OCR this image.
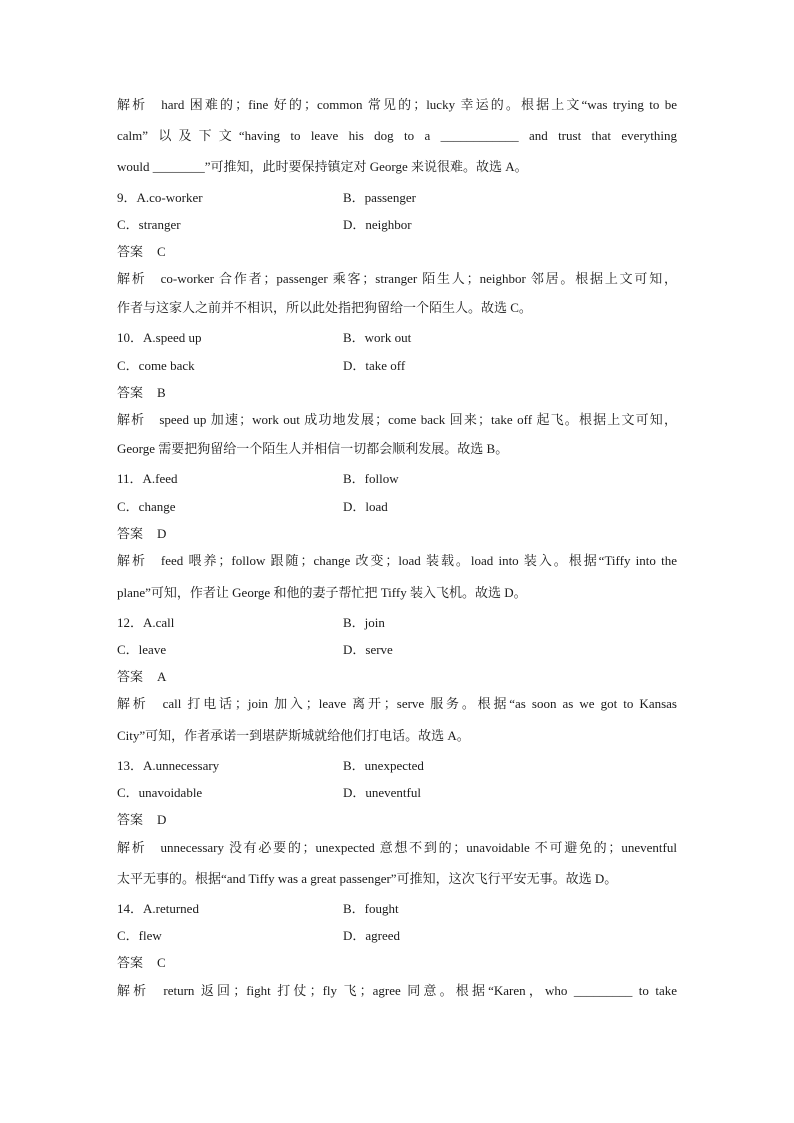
解析 hard 困难的；fine 好的；common 常见的；lucky 幸运的。根据上文“was trying to be
calm” 以及下文“having to leave his dog to a ____________ and trust that everything
would ________”可推知，此时要保持镇定对 George 来说很难。故选 A。
9．A.co-worker	B．passenger
C．stranger	D．neighbor
答案 C
解析 co-worker 合作者；passenger 乘客；stranger 陌生人；neighbor 邻居。根据上文可知，
作者与这家人之前并不相识，所以此处指把狗留给一个陌生人。故选 C。
10．A.speed up	B．work out
C．come back	D．take off
答案 B
解析 speed up 加速；work out 成功地发展；come back 回来；take off 起飞。根据上文可知，
George 需要把狗留给一个陌生人并相信一切都会顺利发展。故选 B。
11．A.feed	B．follow
C．change	D．load
答案 D
解析 feed 喂养；follow 跟随；change 改变；load 装载。load into 装入。根据“Tiffy into the
plane”可知，作者让 George 和他的妻子帮忙把 Tiffy 装入飞机。故选 D。
12．A.call	B．join
C．leave	D．serve
答案 A
解析 call 打电话；join 加入；leave 离开；serve 服务。根据“as soon as we got to Kansas
City”可知，作者承诺一到堪萨斯城就给他们打电话。故选 A。
13．A.unnecessary	B．unexpected
C．unavoidable	D．uneventful
答案 D
解析 unnecessary 没有必要的；unexpected 意想不到的；unavoidable 不可避免的；uneventful
太平无事的。根据“and Tiffy was a great passenger”可推知，这次飞行平安无事。故选 D。
14．A.returned	B．fought
C．flew	D．agreed
答案 C
解析 return 返回；fight 打仗；fly 飞；agree 同意。根据“Karen，who _________ to take
